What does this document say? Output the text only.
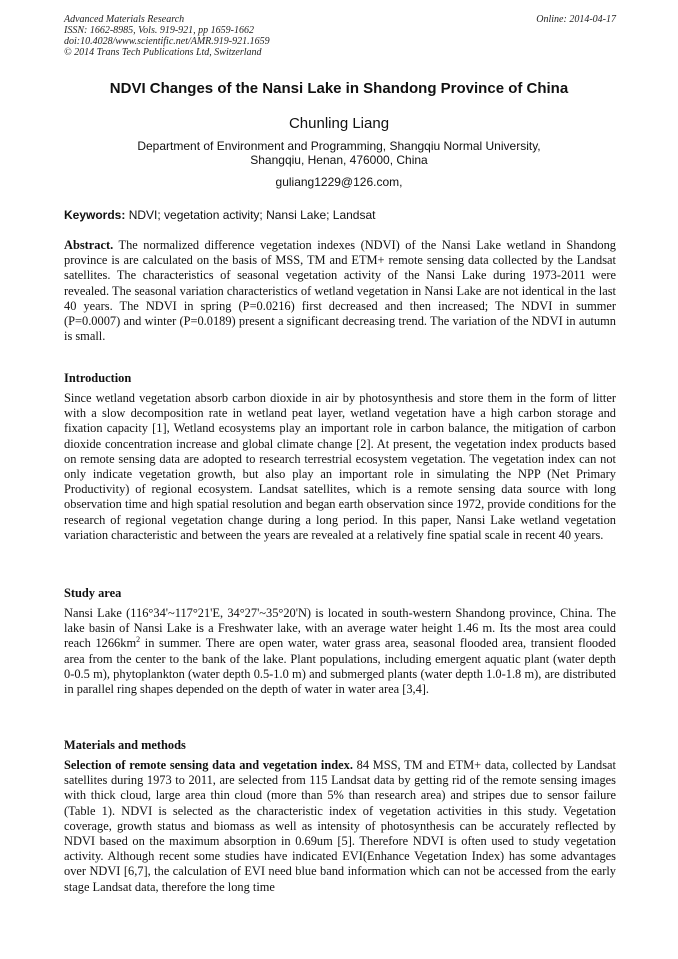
Advanced Materials Research
ISSN: 1662-8985, Vols. 919-921, pp 1659-1662
doi:10.4028/www.scientific.net/AMR.919-921.1659
© 2014 Trans Tech Publications Ltd, Switzerland
Online: 2014-04-17
NDVI Changes of the Nansi Lake in Shandong Province of China
Chunling Liang
Department of Environment and Programming, Shangqiu Normal University,
Shangqiu, Henan, 476000, China
guliang1229@126.com,
Keywords: NDVI; vegetation activity; Nansi Lake; Landsat
Abstract. The normalized difference vegetation indexes (NDVI) of the Nansi Lake wetland in Shandong province is are calculated on the basis of MSS, TM and ETM+ remote sensing data collected by the Landsat satellites. The characteristics of seasonal vegetation activity of the Nansi Lake during 1973-2011 were revealed. The seasonal variation characteristics of wetland vegetation in Nansi Lake are not identical in the last 40 years. The NDVI in spring (P=0.0216) first decreased and then increased; The NDVI in summer (P=0.0007) and winter (P=0.0189) present a significant decreasing trend. The variation of the NDVI in autumn is small.
Introduction
Since wetland vegetation absorb carbon dioxide in air by photosynthesis and store them in the form of litter with a slow decomposition rate in wetland peat layer, wetland vegetation have a high carbon storage and fixation capacity [1], Wetland ecosystems play an important role in carbon balance, the mitigation of carbon dioxide concentration increase and global climate change [2]. At present, the vegetation index products based on remote sensing data are adopted to research terrestrial ecosystem vegetation. The vegetation index can not only indicate vegetation growth, but also play an important role in simulating the NPP (Net Primary Productivity) of regional ecosystem. Landsat satellites, which is a remote sensing data source with long observation time and high spatial resolution and began earth observation since 1972, provide conditions for the research of regional vegetation change during a long period. In this paper, Nansi Lake wetland vegetation variation characteristic and between the years are revealed at a relatively fine spatial scale in recent 40 years.
Study area
Nansi Lake (116°34'~117°21'E, 34°27'~35°20'N) is located in south-western Shandong province, China. The lake basin of Nansi Lake is a Freshwater lake, with an average water height 1.46 m. Its the most area could reach $1266km^2$ in summer. There are open water, water grass area, seasonal flooded area, transient flooded area from the center to the bank of the lake. Plant populations, including emergent aquatic plant (water depth 0-0.5 m), phytoplankton (water depth 0.5-1.0 m) and submerged plants (water depth 1.0-1.8 m), are distributed in parallel ring shapes depended on the depth of water in water area [3,4].
Materials and methods
Selection of remote sensing data and vegetation index. 84 MSS, TM and ETM+ data, collected by Landsat satellites during 1973 to 2011, are selected from 115 Landsat data by getting rid of the remote sensing images with thick cloud, large area thin cloud (more than 5% than research area) and stripes due to sensor failure (Table 1). NDVI is selected as the characteristic index of vegetation activities in this study. Vegetation coverage, growth status and biomass as well as intensity of photosynthesis can be accurately reflected by NDVI based on the maximum absorption in 0.69um [5]. Therefore NDVI is often used to study vegetation activity. Although recent some studies have indicated EVI(Enhance Vegetation Index) has some advantages over NDVI [6,7], the calculation of EVI need blue band information which can not be accessed from the early stage Landsat data, therefore the long time
